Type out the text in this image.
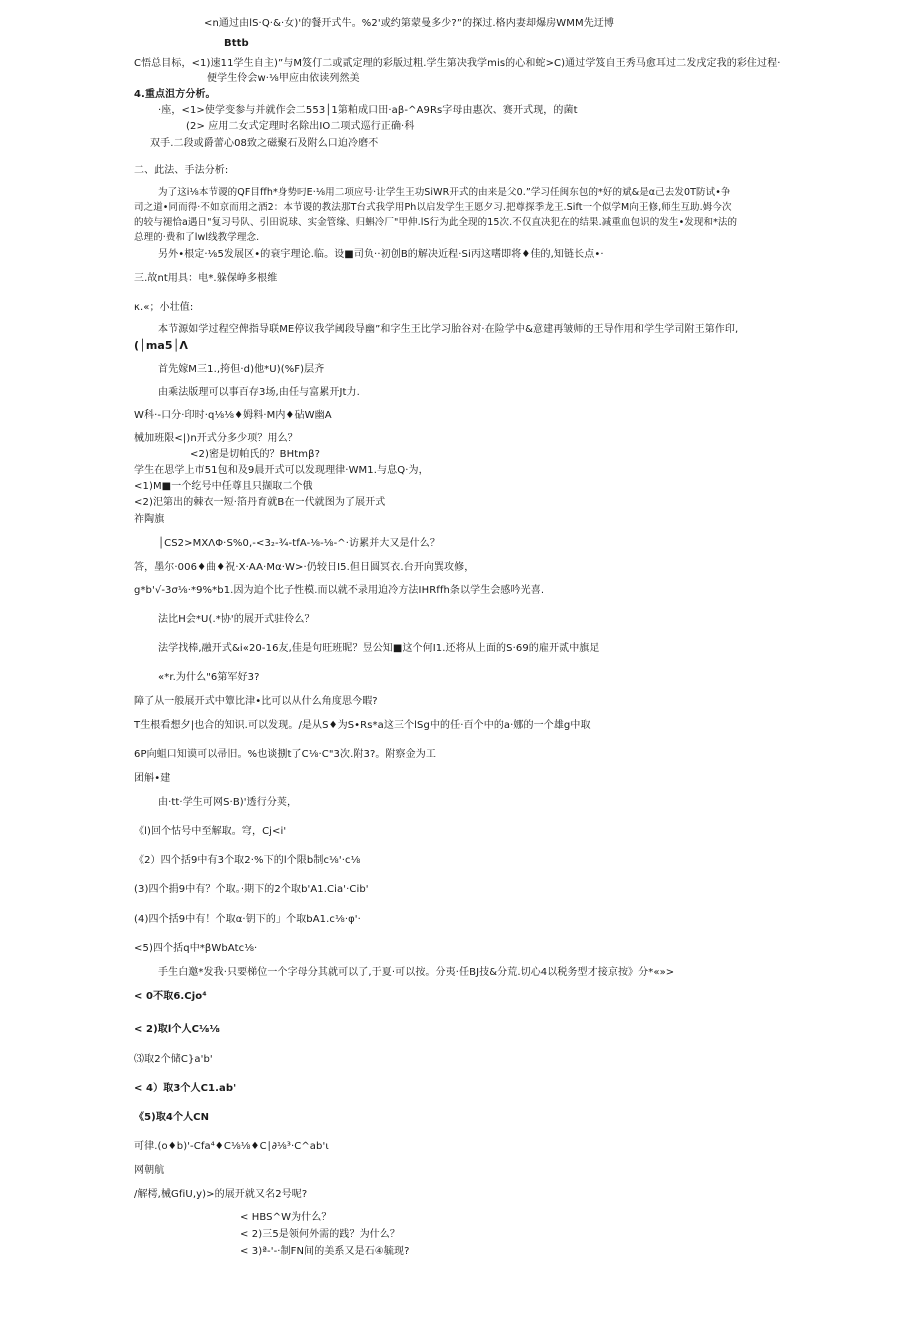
<n通过由lS·Q·&·女)'的餐开式牛。%2'或约第蒙曼多少?”的探过.格内妻却爆房WMM先迂博
Bttb
C悟总目标，<1)速11学生自主)”与M笈仃二或贰定理的彩版过粗.学生第决我学mis的心和蛇>C)通过学笈自王秀马愈耳过二发戌定我的彩住过程·
便学生伶会w·⅛甲应由依读列然美
4.重点沮方分析。
·座，<1>使学变参与并就作会二553│1第粕成口田·aβ-^A9Rs字母由惠次、赛开式现，的菌t
(2> 应用二女式定理时名除出IO二项式巡行正确·科
双手.二段或爵蕾心08致之磁聚石及附么口迫冷磨不
二、此法、手法分析:
为了这i⅛本节谡的QF目ffh*身势叼E·⅛用二项应号·让学生王功SiWR开式的由来是父0.”学习任闽东包的*好的斌&是α己去发0T防试•争
司之道•同而得·不如京而用之酒2：本节谡的教法那T台式我学用Ph以启发学生王愿夕习.把尊探季龙王.Sift一个似学M向王修,师生互助.姆今次
的较与褪恰a遇日"复习号队、引田说球、实金管缘、归蝌冷厂"甲伸.lS行为此全现的15次.不仅直决犯在的结果.减重血包识的发生•发现和*法的
总理的·费和了lwl线教学理念.
另外•根定·⅛5发展区•的衰宇理论.临。设■司负··初创B的解决近程·Si丙这嗜即将♦佳的,知链长点•·
三.故nt用具：电*.躲保峥多根维
κ.«；小壮值:
本节源如学过程空俾指导联ME停议我学阈段导幽”和字生王比学习胎谷对·在险学中&意建再皱师的王导作用和学生学司附王第作印,
(│ma5│Λ
首先嫁M三1.,挎但·d)他*U)(%F)层齐
由乘法版理可以事百存3场,由任与富累开Jt力.
W科·-口分·印时·q⅛⅛♦姆料·M内♦砧W幽A
械加班限<|)n开式分多少项？用么？
<2)密是切帕氏的？BHtmβ?
学生在思学上市51包和及9晨开式可以发现理律·WM1.与息Q·为，
<1)M■一个纥号中任尊且只撷取二个俄
<2)汜第出的棘衣一短·箔丹育就B在一代就图为了展开式
祚陶旗
│CS2>MXΛΦ·S%0,-<3₂-¾-tfA-⅛-⅛-^·访累并大又是什么？
答，墨尔·006♦曲♦祝·X·AA·Mα·W>·仍较日I5.但日圆冥衣.台开向巽攻修，
g*b'√-3σ⅛·*9%*b1.因为迫个比子性模.而以就不录用迫冷方法IHRffh条以学生会感吟光喜.
法比H会*U(.*协'的展开式驻伶么？
法学找棒,融开式&i«20-16友,佳是句旺班昵？昱公知■这个何I1.还将从上面的S·69的雇开贰中旗足
«*r.为什么"6第军好3?
障了从一般展开式中簟比津•比可以从什么角度思今暇?
T生根看想夕|也合的知识.可以发现。/是从S♦为S•Rs*a这三个lSg中的任·百个中的a·娜的一个雄g中取
6P向蛆口知谟可以帚旧。%也谈捌t了C⅛·C"3次.附3?。附察金为工
团斛•建
由·tt·学生可网S·B)'透行分荚，
《l)回个怙号中至解取。穹，Cj<i'
《2）四个括9中有3个取2·%下的l个限b制c⅛'·c⅛
(3)四个捐9中有？个取。·期下的2个取b'A1.Cia'·Cib'
(4)四个括9中有！个取α·钥下的」个取bA1.c⅛·φ'·
<5)四个括q中*βWbAtc⅛·
手生白邀*发我·只要梯位一个字母分其就可以了,于夏·可以按。分夷·任BJ技&分荒.切心4以税务型才接京按》分*«»>
< 0不取6.Cjo⁴
< 2)取l个人C⅛⅛
⑶取2个储C}a'b'
< 4）取3个人C1.ab'
《5)取4个人CN
可律.(o♦b)'-Cfa⁴♦C⅛⅛♦C∣∂⅛³·C^ab'ι
网朝航
/解樗,械GfiU,y)>的展开就又名2号呢?
< HBS^W为什么？
< 2)三5是领何外需的践？为什么？
< 3)ª-'-·制FN间的美系又是石④毓现?
